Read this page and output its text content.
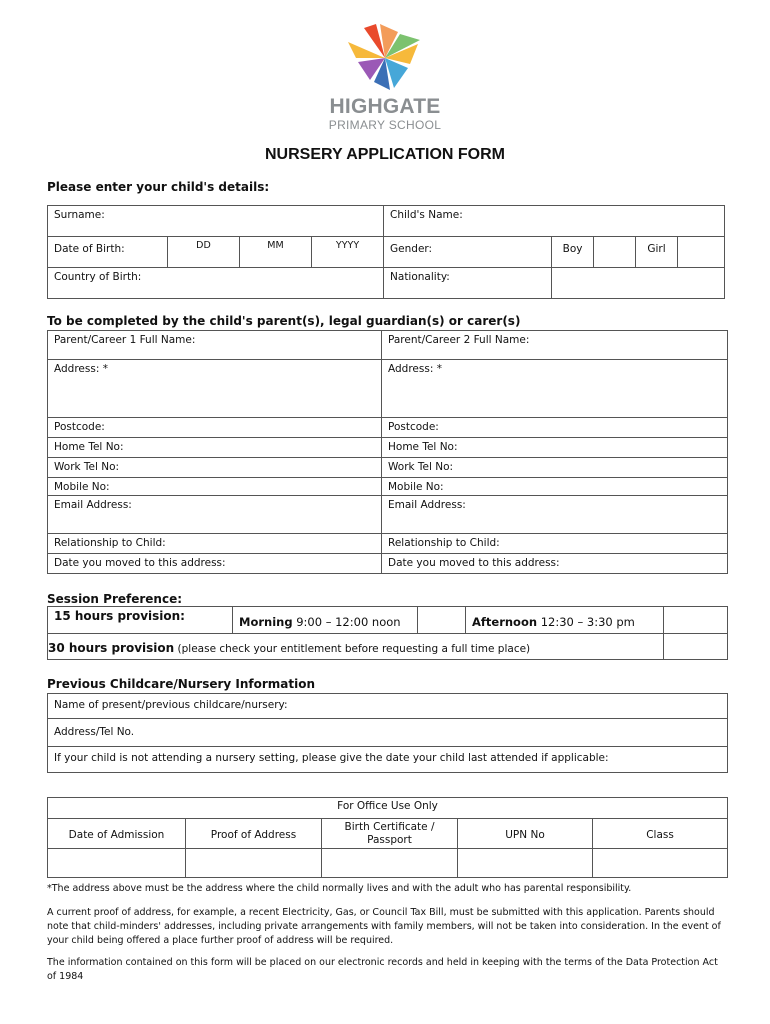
HIGHGATE
PRIMARY SCHOOL
NURSERY APPLICATION FORM
Please enter your child's details:
Surname:				Child's Name:				
Date of Birth:	DD	MM	YYYY	Gender:	Boy		Girl	
Country of Birth:				Nationality:				
To be completed by the child's parent(s), legal guardian(s) or carer(s)
Parent/Career 1 Full Name:	Parent/Career 2 Full Name:
Address: *	Address: *
Postcode:	Postcode:
Home Tel No:	Home Tel No:
Work Tel No:	Work Tel No:
Mobile No:	Mobile No:
Email Address:	Email Address:
Relationship to Child:	Relationship to Child:
Date you moved to this address:	Date you moved to this address:
Session Preference:
15 hours provision:	Morning 9:00 – 12:00 noon		Afternoon 12:30 – 3:30 pm	
30 hours provision (please check your entitlement before requesting a full time place)				
Previous Childcare/Nursery Information
Name of present/previous childcare/nursery:
Address/Tel No.
If your child is not attending a nursery setting, please give the date your child last attended if applicable:
For Office Use Only				
Date of Admission	Proof of Address	Birth Certificate / Passport	UPN No	Class

*The address above must be the address where the child normally lives and with the adult who has parental responsibility.
A current proof of address, for example, a recent Electricity, Gas, or Council Tax Bill, must be submitted with this application. Parents should note that child-minders' addresses, including private arrangements with family members, will not be taken into consideration. In the event of your child being offered a place further proof of address will be required.
The information contained on this form will be placed on our electronic records and held in keeping with the terms of the Data Protection Act of 1984
